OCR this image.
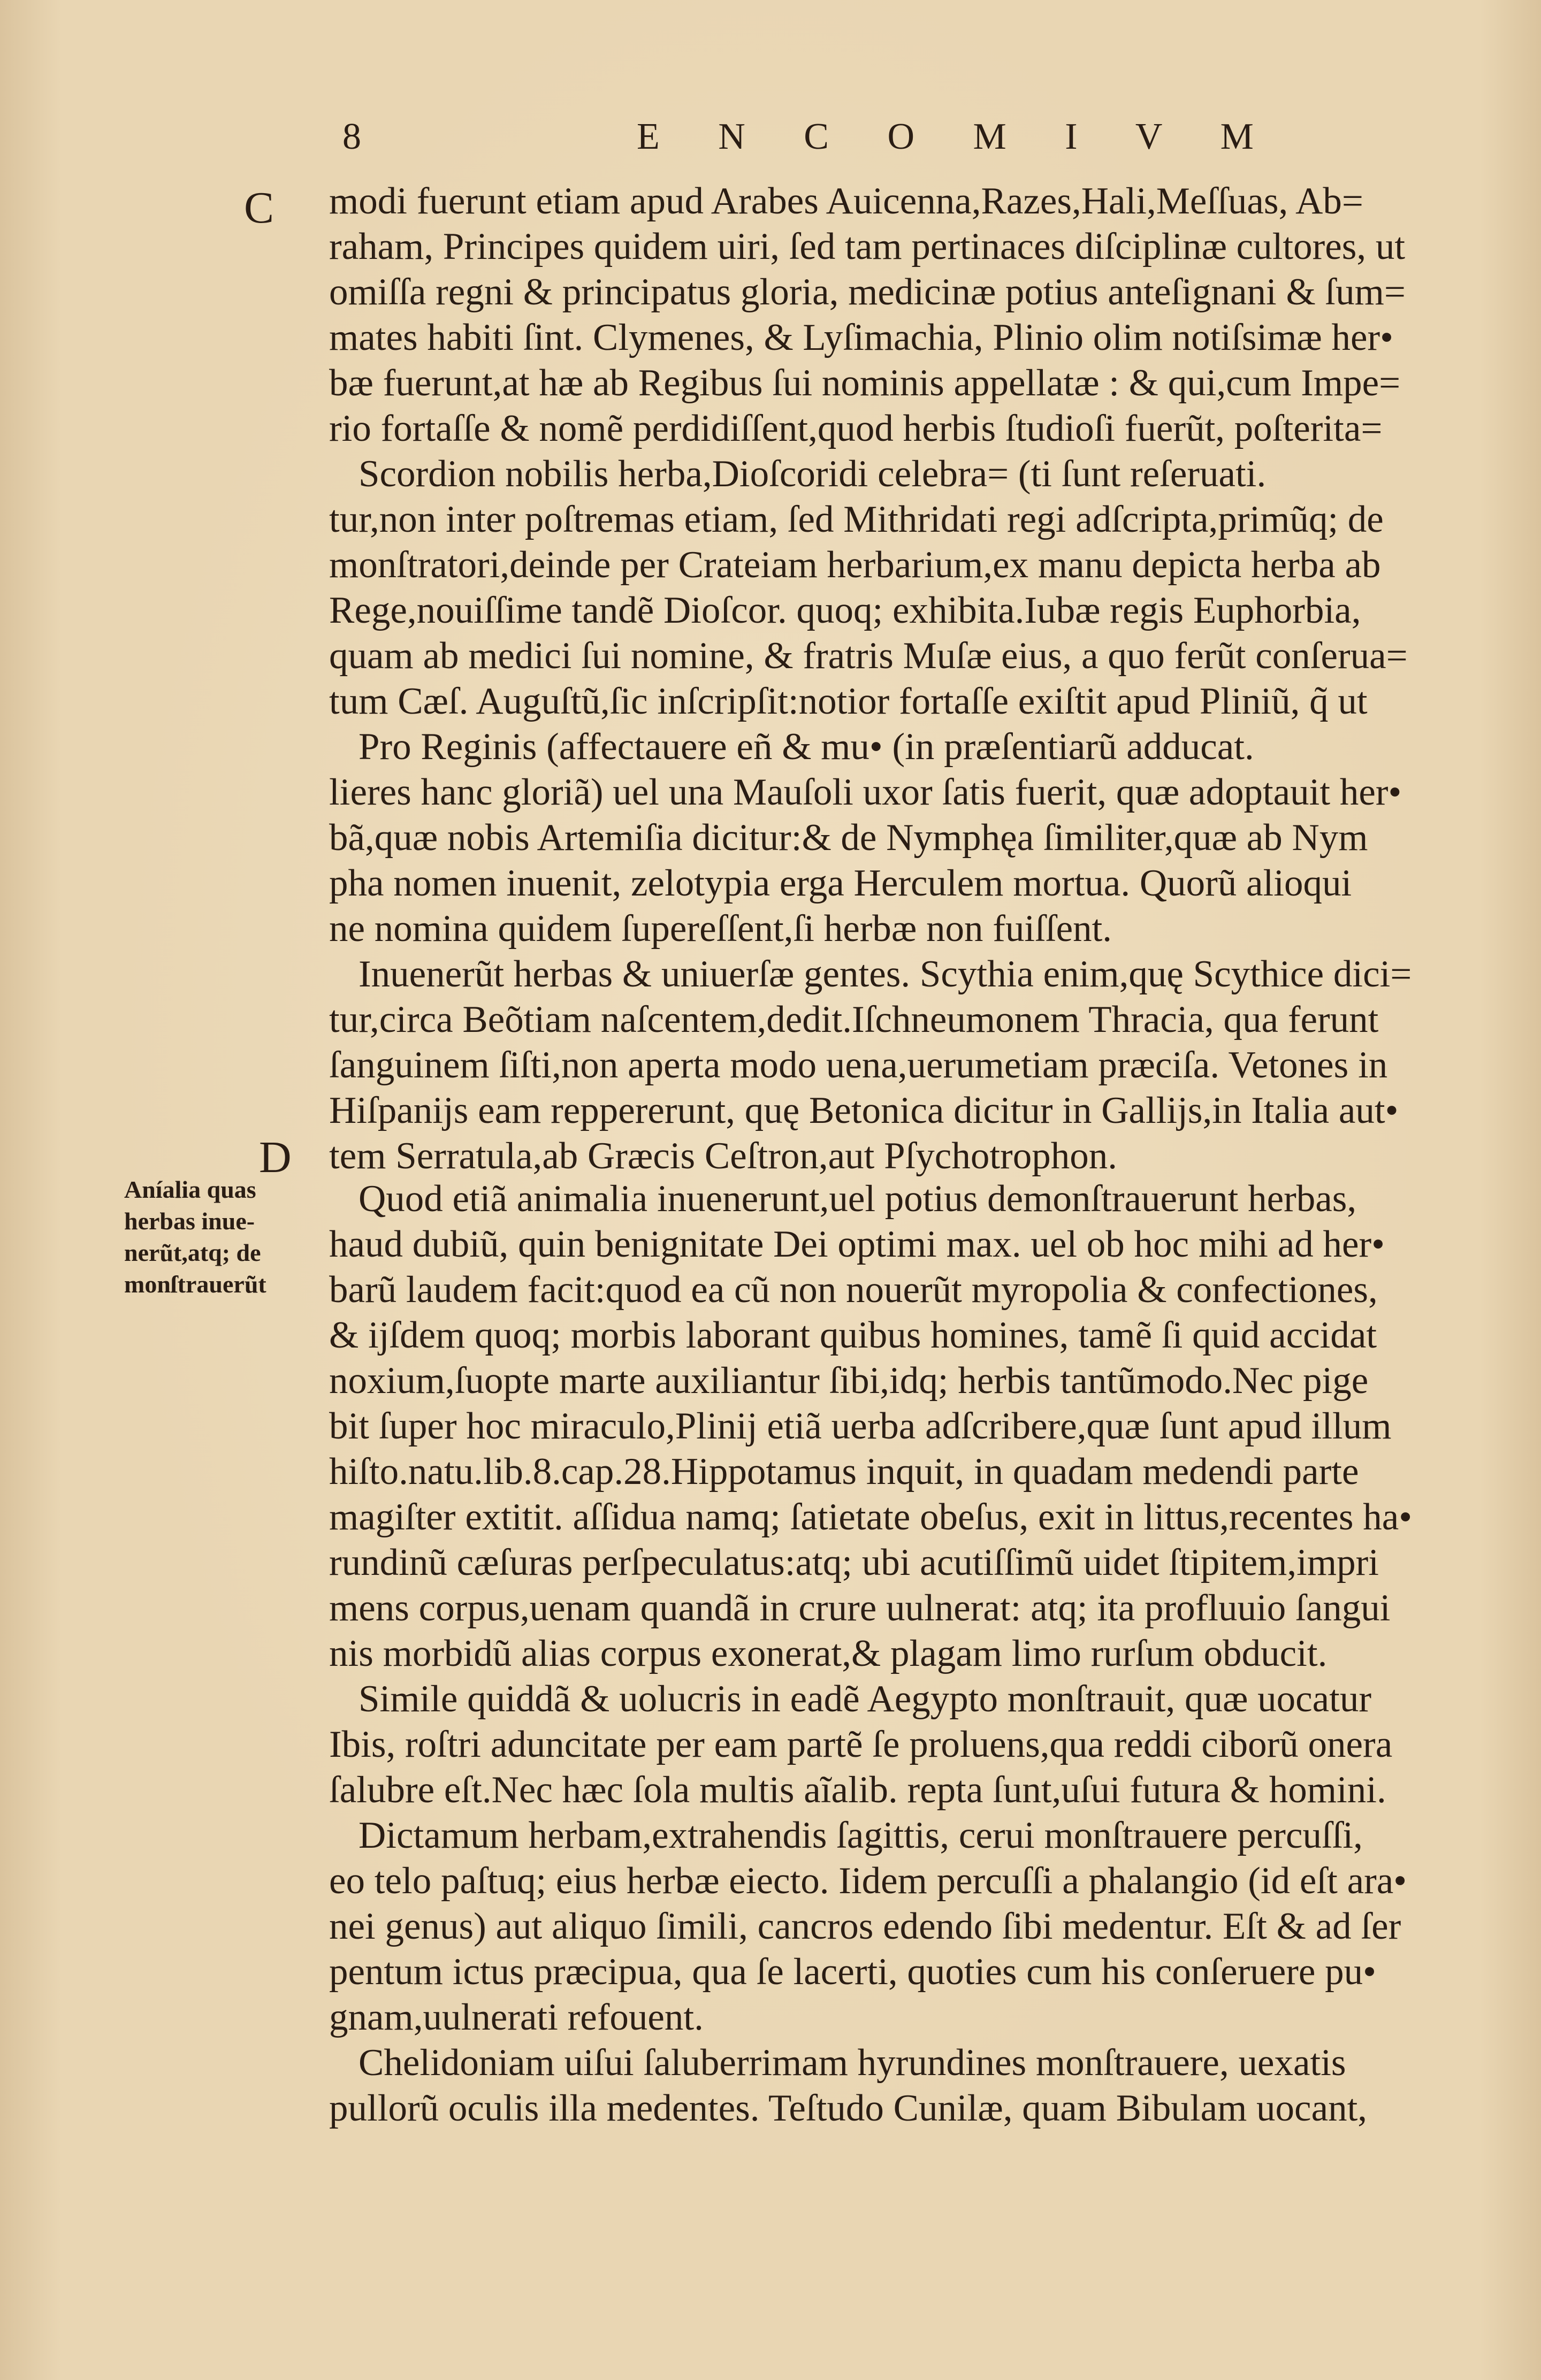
8	E N C O M I V M
C
D
Aníalia quas
herbas inue-
nerũt,atq; de
monſtrauerũt
modi fuerunt etiam apud Arabes Auicenna,Razes,Hali,Meſſuas, Ab=
raham, Principes quidem uiri, ſed tam pertinaces diſciplinæ cultores, ut
omiſſa regni & principatus gloria, medicinæ potius anteſignani & ſum=
mates habiti ſint. Clymenes, & Lyſimachia, Plinio olim notiſsimæ her•
bæ fuerunt,at hæ ab Regibus ſui nominis appellatæ : & qui,cum Impe=
rio fortaſſe & nomẽ perdidiſſent,quod herbis ſtudioſi fuerũt, poſterita=
Scordion nobilis herba,Dioſcoridi celebra= (ti ſunt reſeruati.
tur,non inter poſtremas etiam, ſed Mithridati regi adſcripta,primũq; de
monſtratori,deinde per Crateiam herbarium,ex manu depicta herba ab
Rege,nouiſſime tandẽ Dioſcor. quoq; exhibita.Iubæ regis Euphorbia,
quam ab medici ſui nomine, & fratris Muſæ eius, a quo ferũt conſerua=
tum Cæſ. Auguſtũ,ſic inſcripſit:notior fortaſſe exiſtit apud Pliniũ, q̃ ut
Pro Reginis (affectauere eñ & mu• (in præſentiarũ adducat.
lieres hanc gloriã) uel una Mauſoli uxor ſatis fuerit, quæ adoptauit her•
bã,quæ nobis Artemiſia dicitur:& de Nymphęa ſimiliter,quæ ab Nym
pha nomen inuenit, zelotypia erga Herculem mortua. Quorũ alioqui
ne nomina quidem ſupereſſent,ſi herbæ non fuiſſent.
Inuenerũt herbas & uniuerſæ gentes. Scythia enim,quę Scythice dici=
tur,circa Beõtiam naſcentem,dedit.Iſchneumonem Thracia, qua ferunt
ſanguinem ſiſti,non aperta modo uena,uerumetiam præciſa. Vetones in
Hiſpanijs eam reppererunt, quę Betonica dicitur in Gallijs,in Italia aut•
tem Serratula,ab Græcis Ceſtron,aut Pſychotrophon.
Quod etiã animalia inuenerunt,uel potius demonſtrauerunt herbas,
haud dubiũ, quin benignitate Dei optimi max. uel ob hoc mihi ad her•
barũ laudem facit:quod ea cũ non nouerũt myropolia & confectiones,
& ijſdem quoq; morbis laborant quibus homines, tamẽ ſi quid accidat
noxium,ſuopte marte auxiliantur ſibi,idq; herbis tantũmodo.Nec pige
bit ſuper hoc miraculo,Plinij etiã uerba adſcribere,quæ ſunt apud illum
hiſto.natu.lib.8.cap.28.Hippotamus inquit, in quadam medendi parte
magiſter extitit. aſſidua namq; ſatietate obeſus, exit in littus,recentes ha•
rundinũ cæſuras perſpeculatus:atq; ubi acutiſſimũ uidet ſtipitem,impri
mens corpus,uenam quandã in crure uulnerat: atq; ita profluuio ſangui
nis morbidũ alias corpus exonerat,& plagam limo rurſum obducit.
Simile quiddã & uolucris in eadẽ Aegypto monſtrauit, quæ uocatur
Ibis, roſtri aduncitate per eam partẽ ſe proluens,qua reddi ciborũ onera
ſalubre eſt.Nec hæc ſola multis aĩalib. repta ſunt,uſui futura & homini.
Dictamum herbam,extrahendis ſagittis, cerui monſtrauere percuſſi,
eo telo paſtuq; eius herbæ eiecto. Iidem percuſſi a phalangio (id eſt ara•
nei genus) aut aliquo ſimili, cancros edendo ſibi medentur. Eſt & ad ſer
pentum ictus præcipua, qua ſe lacerti, quoties cum his conſeruere pu•
gnam,uulnerati refouent.
Chelidoniam uiſui ſaluberrimam hyrundines monſtrauere, uexatis
pullorũ oculis illa medentes. Teſtudo Cunilæ, quam Bibulam uocant,
